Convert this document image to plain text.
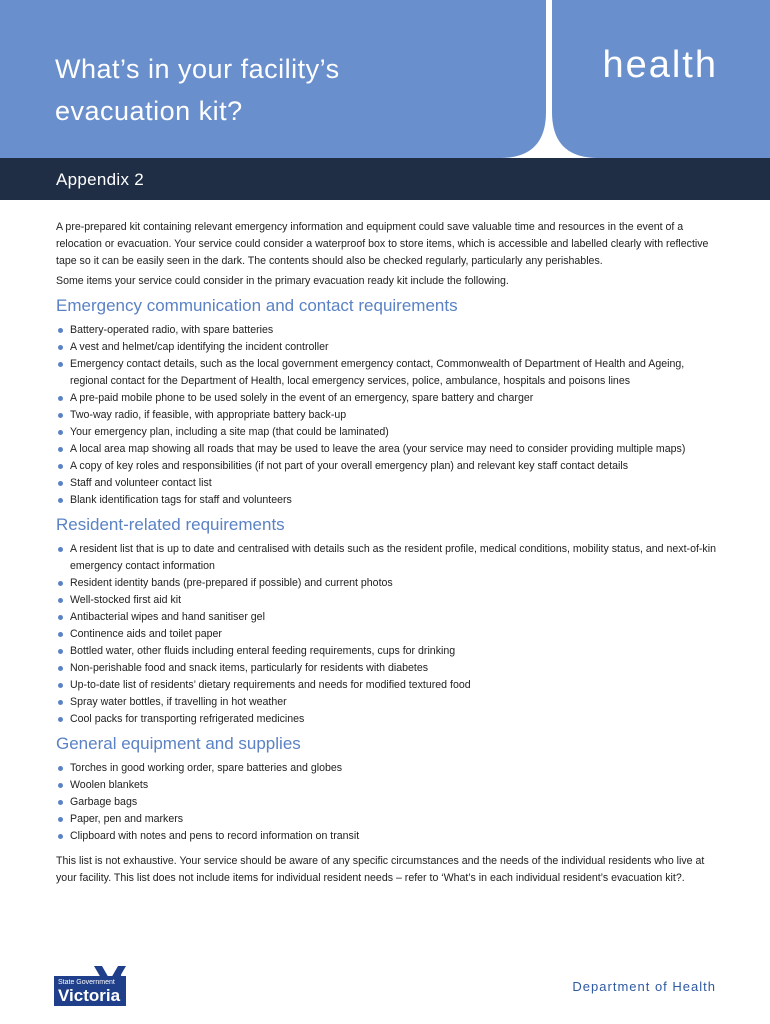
What’s in your facility’s
evacuation kit?
health
Appendix 2

A pre-prepared kit containing relevant emergency information and equipment could save valuable time and resources in the event of a relocation or evacuation. Your service could consider a waterproof box to store items, which is accessible and labelled clearly with reflective tape so it can be easily seen in the dark. The contents should also be checked regularly, particularly any perishables.

Some items your service could consider in the primary evacuation ready kit include the following.

Emergency communication and contact requirements
Battery-operated radio, with spare batteries
A vest and helmet/cap identifying the incident controller
Emergency contact details, such as the local government emergency contact, Commonwealth of Department of Health and Ageing, regional contact for the Department of Health, local emergency services, police, ambulance, hospitals and poisons lines
A pre-paid mobile phone to be used solely in the event of an emergency, spare battery and charger
Two-way radio, if feasible, with appropriate battery back-up
Your emergency plan, including a site map (that could be laminated)
A local area map showing all roads that may be used to leave the area (your service may need to consider providing multiple maps)
A copy of key roles and responsibilities (if not part of your overall emergency plan) and relevant key staff contact details
Staff and volunteer contact list
Blank identification tags for staff and volunteers
Resident-related requirements
A resident list that is up to date and centralised with details such as the resident profile, medical conditions, mobility status, and next-of-kin emergency contact information
Resident identity bands (pre-prepared if possible) and current photos
Well-stocked first aid kit
Antibacterial wipes and hand sanitiser gel
Continence aids and toilet paper
Bottled water, other fluids including enteral feeding requirements, cups for drinking
Non-perishable food and snack items, particularly for residents with diabetes
Up-to-date list of residents’ dietary requirements and needs for modified textured food
Spray water bottles, if travelling in hot weather
Cool packs for transporting refrigerated medicines
General equipment and supplies
Torches in good working order, spare batteries and globes
Woolen blankets
Garbage bags
Paper, pen and markers
Clipboard with notes and pens to record information on transit

This list is not exhaustive. Your service should be aware of any specific circumstances and the needs of the individual residents who live at your facility. This list does not include items for individual resident needs – refer to ‘What’s in each individual resident’s evacuation kit?.

State Government
Victoria	Department of Health
